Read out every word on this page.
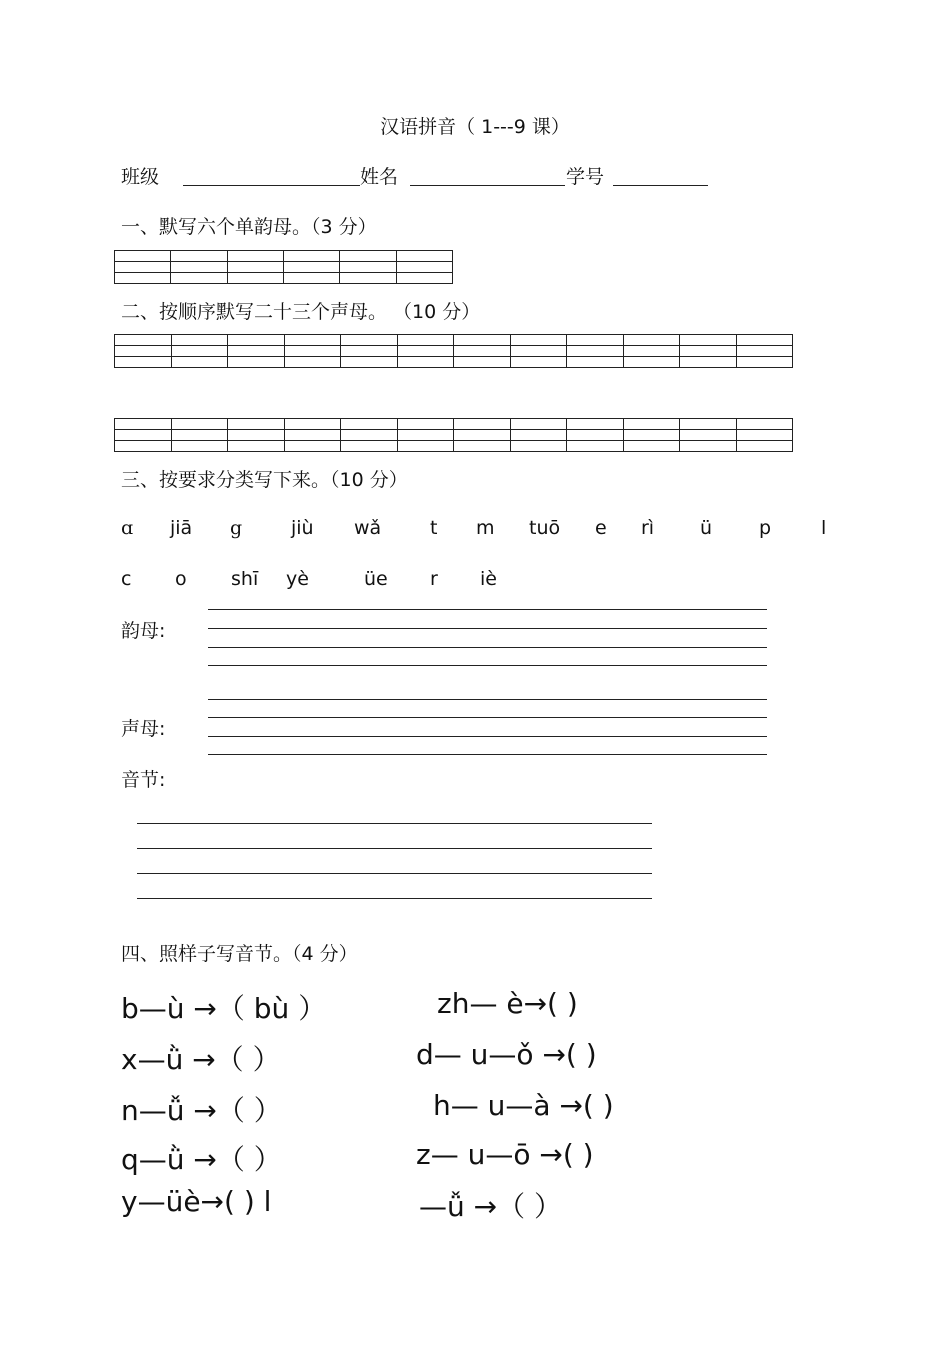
汉语拼音（ 1---9 课）
班级	姓名	学号
一、默写六个单韵母。（3 分）

二、按顺序默写二十三个声母。 （10 分）

三、按要求分类写下来。（10 分）
ɑ jiā g	jiù wǎ	t m tuō e rì ü p	l
c o shī yè	üe r iè
韵母:
声母:
音节:
四、照样子写音节。（4 分）
b—ù →（ bù ）	zh— è→( )
x—ǜ →（ ）	d— u—ǒ →( )
n—ǚ →（ ）	h— u—à →( )
q—ǜ →（ ）	z— u—ō →( )
y—üè→( ) l	—ǚ →（ ）
